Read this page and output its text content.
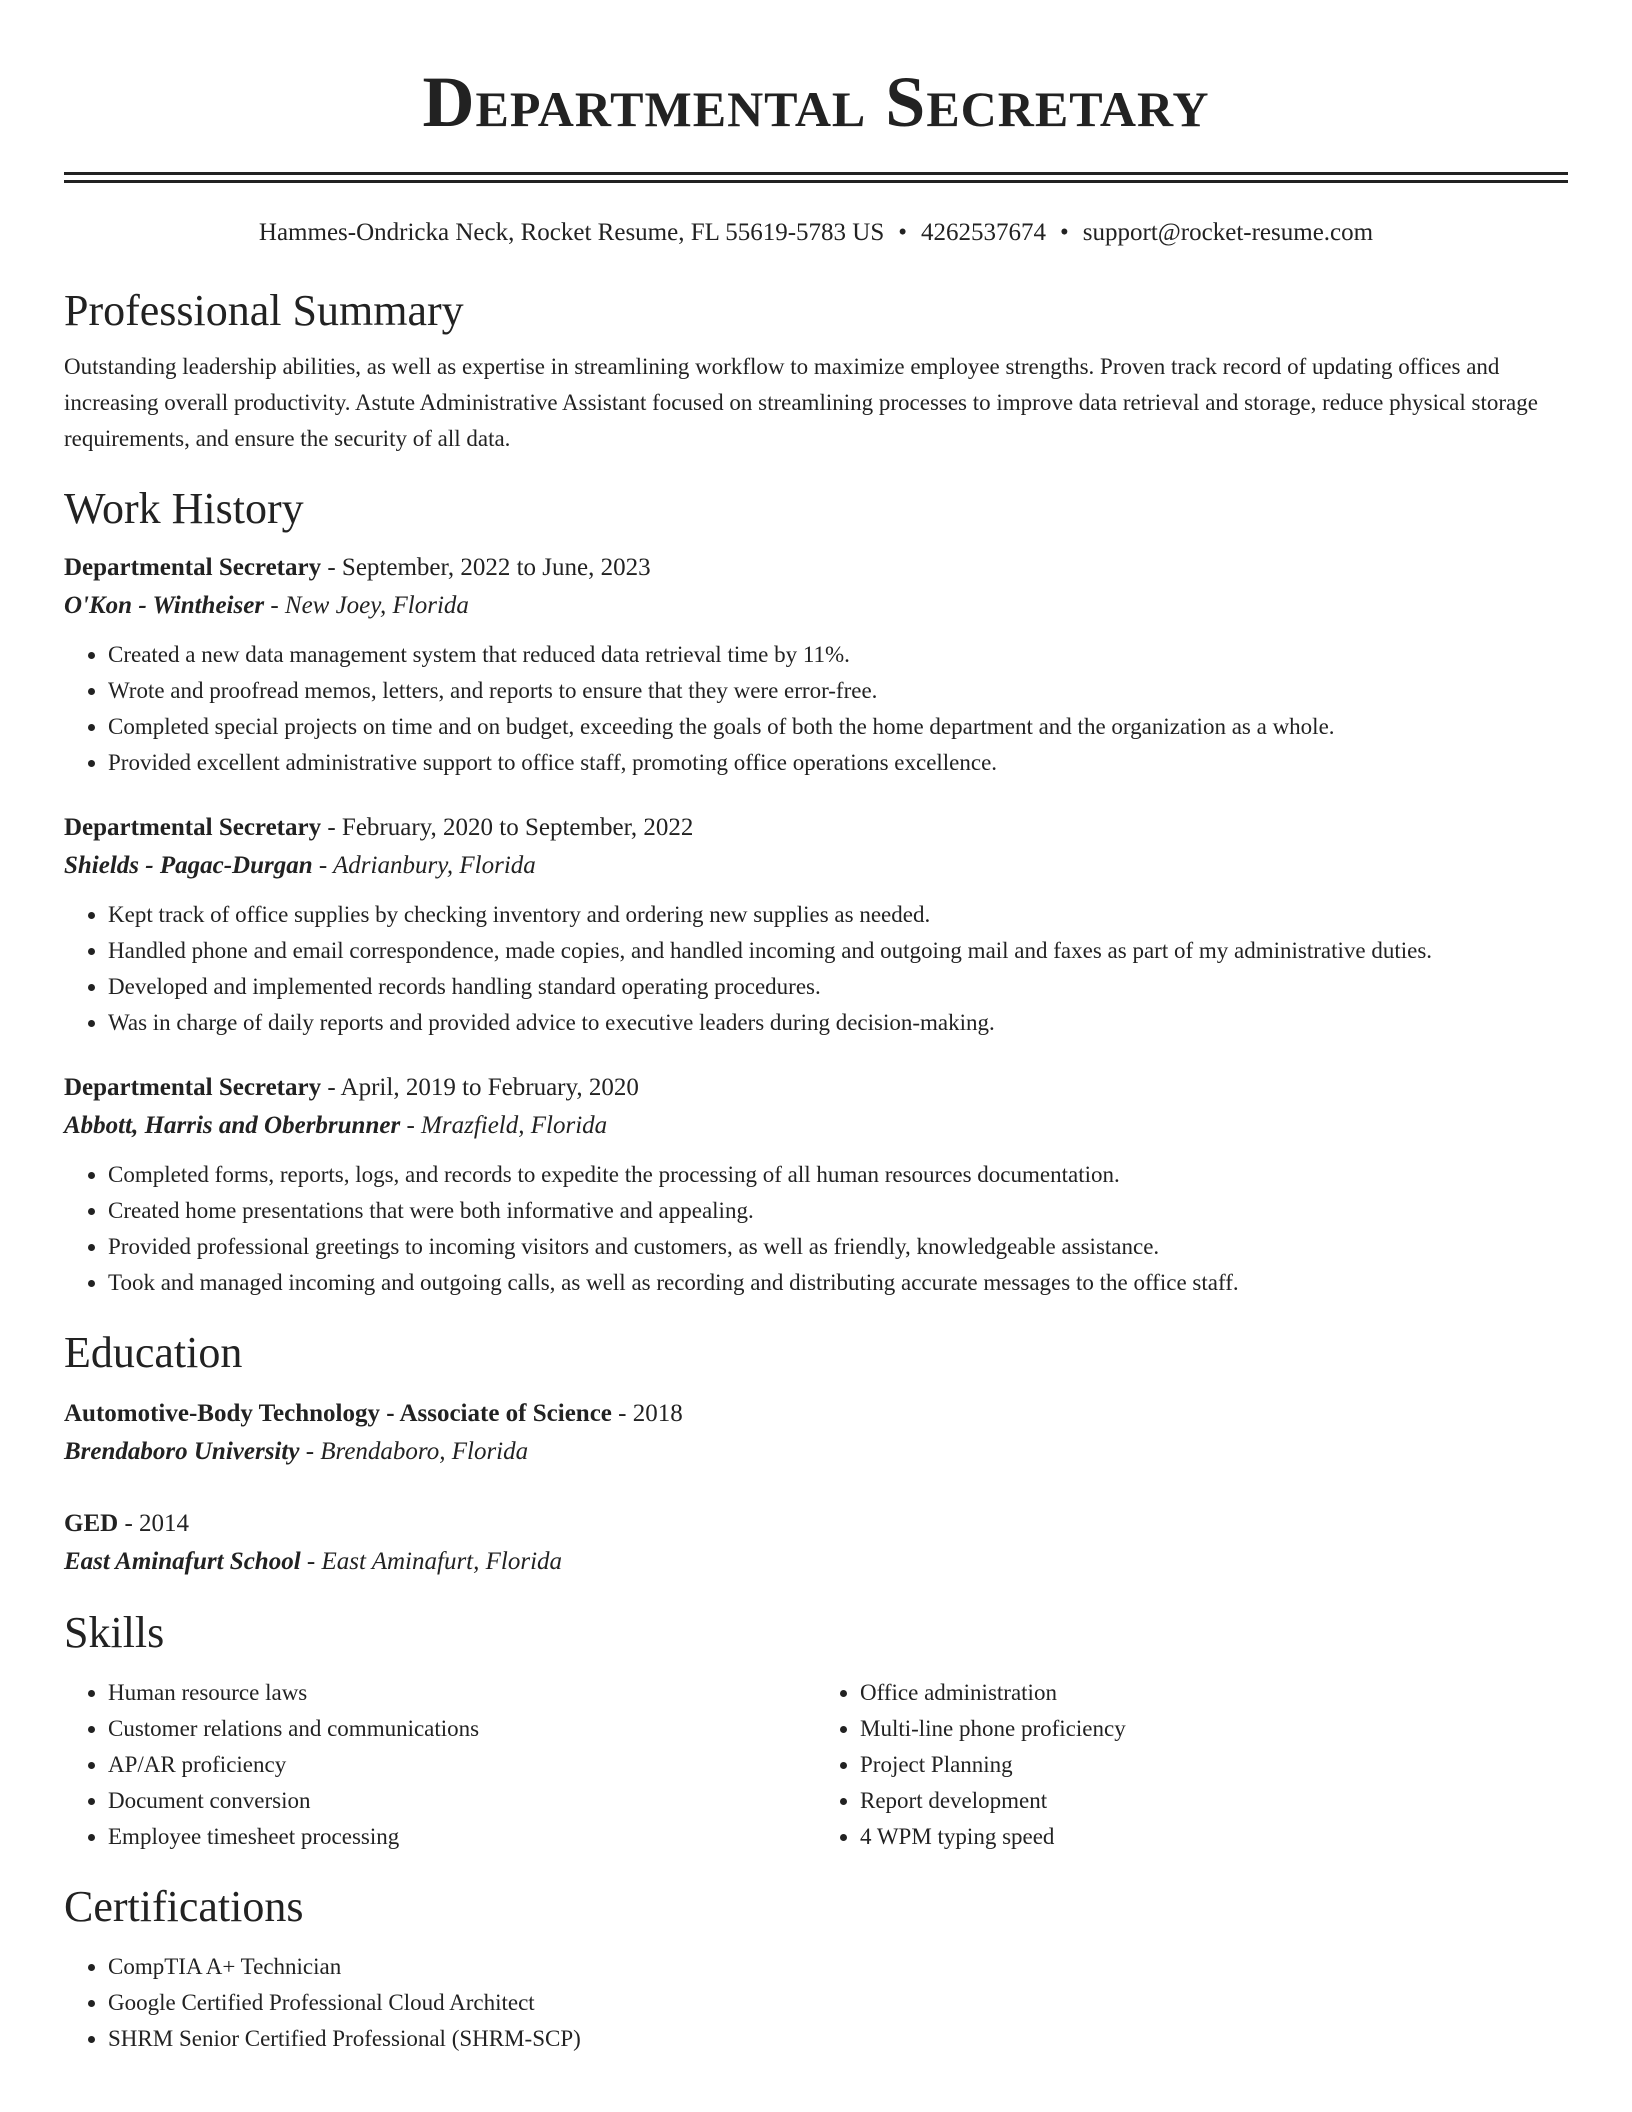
Departmental Secretary
Hammes-Ondricka Neck, Rocket Resume, FL 55619-5783 US • 4262537674 • support@rocket-resume.com
Professional Summary
Outstanding leadership abilities, as well as expertise in streamlining workflow to maximize employee strengths. Proven track record of updating offices and increasing overall productivity. Astute Administrative Assistant focused on streamlining processes to improve data retrieval and storage, reduce physical storage requirements, and ensure the security of all data.
Work History
Departmental Secretary - September, 2022 to June, 2023
O'Kon - Wintheiser - New Joey, Florida
• Created a new data management system that reduced data retrieval time by 11%.
• Wrote and proofread memos, letters, and reports to ensure that they were error-free.
• Completed special projects on time and on budget, exceeding the goals of both the home department and the organization as a whole.
• Provided excellent administrative support to office staff, promoting office operations excellence.
Departmental Secretary - February, 2020 to September, 2022
Shields - Pagac-Durgan - Adrianbury, Florida
• Kept track of office supplies by checking inventory and ordering new supplies as needed.
• Handled phone and email correspondence, made copies, and handled incoming and outgoing mail and faxes as part of my administrative duties.
• Developed and implemented records handling standard operating procedures.
• Was in charge of daily reports and provided advice to executive leaders during decision-making.
Departmental Secretary - April, 2019 to February, 2020
Abbott, Harris and Oberbrunner - Mrazfield, Florida
• Completed forms, reports, logs, and records to expedite the processing of all human resources documentation.
• Created home presentations that were both informative and appealing.
• Provided professional greetings to incoming visitors and customers, as well as friendly, knowledgeable assistance.
• Took and managed incoming and outgoing calls, as well as recording and distributing accurate messages to the office staff.
Education
Automotive-Body Technology - Associate of Science - 2018
Brendaboro University - Brendaboro, Florida
GED - 2014
East Aminafurt School - East Aminafurt, Florida
Skills
• Human resource laws
• Customer relations and communications
• AP/AR proficiency
• Document conversion
• Employee timesheet processing
• Office administration
• Multi-line phone proficiency
• Project Planning
• Report development
• 4 WPM typing speed
Certifications
• CompTIA A+ Technician
• Google Certified Professional Cloud Architect
• SHRM Senior Certified Professional (SHRM-SCP)
